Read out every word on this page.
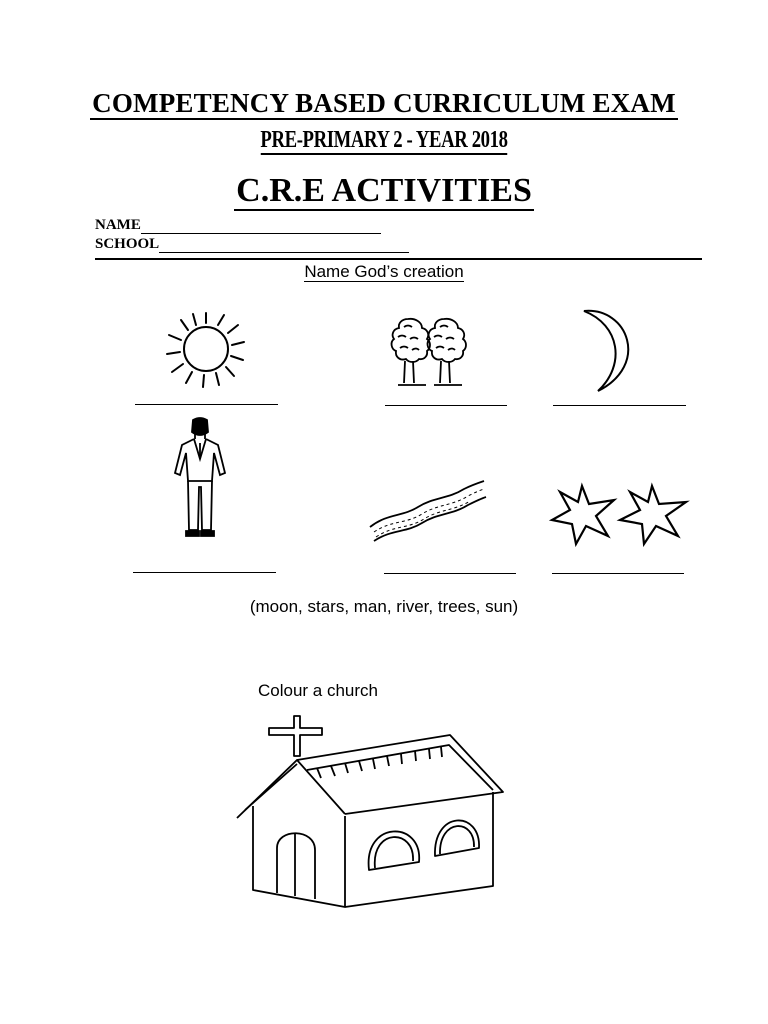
COMPETENCY BASED CURRICULUM EXAM
PRE-PRIMARY 2 - YEAR 2018
C.R.E ACTIVITIES
NAME
SCHOOL
Name God’s creation
(moon, stars, man, river, trees, sun)
Colour a church
